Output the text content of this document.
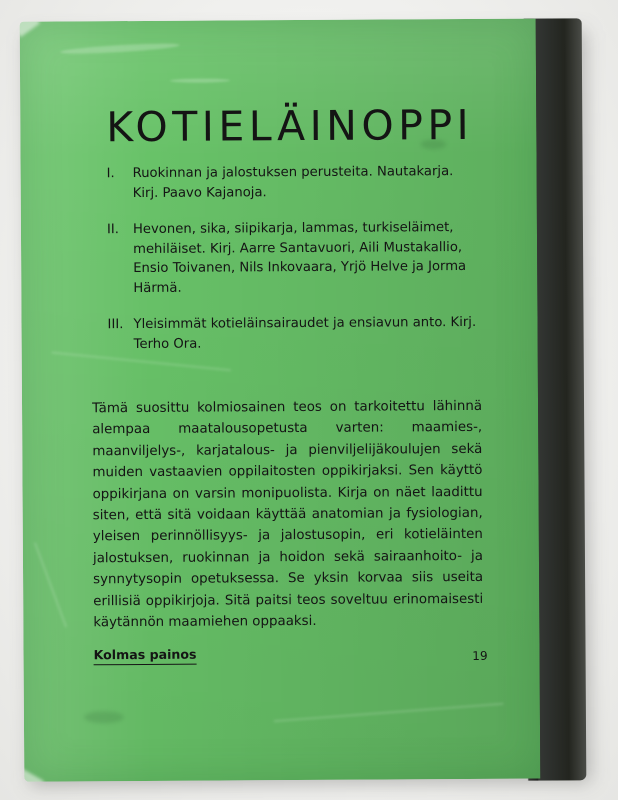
KOTIELÄINOPPI
I.	Ruokinnan ja jalostuksen perusteita. Nautakarja. Kirj. Paavo Kajanoja.
II.	Hevonen, sika, siipikarja, lammas, turkiseläimet, mehiläiset. Kirj. Aarre Santavuori, Aili Mustakallio, Ensio Toivanen, Nils Inkovaara, Yrjö Helve ja Jorma Härmä.
III. Yleisimmät kotieläinsairaudet ja ensiavun anto. Kirj. Terho Ora.
Tämä suosittu kolmiosainen teos on tarkoitettu lähinnä alempaa maatalousopetusta varten: maamies-, maanviljelys-, karjatalous- ja pienviljelijäkoulujen sekä muiden vastaavien oppilaitosten oppikirjaksi. Sen käyttö oppikirjana on varsin monipuolista. Kirja on näet laadittu siten, että sitä voidaan käyttää anatomian ja fysiologian, yleisen perinnöllisyys- ja jalostusopin, eri kotieläinten jalostuksen, ruokinnan ja hoidon sekä sairaanhoito- ja synnytysopin opetuksessa. Se yksin korvaa siis useita erillisiä oppikirjoja. Sitä paitsi teos soveltuu erinomaisesti käytännön maamiehen oppaaksi.
Kolmas painos	19
